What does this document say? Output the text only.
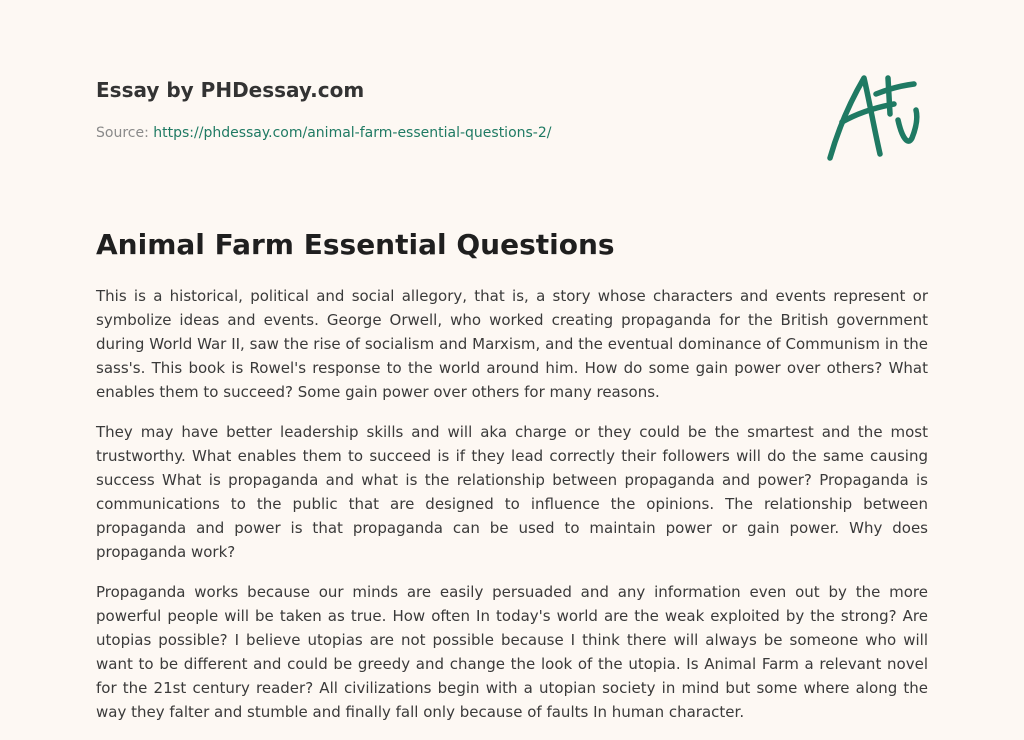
Essay by PHDessay.com
Source: https://phdessay.com/animal-farm-essential-questions-2/
Animal Farm Essential Questions

This is a historical, political and social allegory, that is, a story whose characters and events represent or symbolize ideas and events. George Orwell, who worked creating propaganda for the British government during World War II, saw the rise of socialism and Marxism, and the eventual dominance of Communism in the sass's. This book is Rowel's response to the world around him. How do some gain power over others? What enables them to succeed? Some gain power over others for many reasons.

They may have better leadership skills and will aka charge or they could be the smartest and the most trustworthy. What enables them to succeed is if they lead correctly their followers will do the same causing success What is propaganda and what is the relationship between propaganda and power? Propaganda is communications to the public that are designed to influence the opinions. The relationship between propaganda and power is that propaganda can be used to maintain power or gain power. Why does propaganda work?

Propaganda works because our minds are easily persuaded and any information even out by the more powerful people will be taken as true. How often In today's world are the weak exploited by the strong? Are utopias possible? I believe utopias are not possible because I think there will always be someone who will want to be different and could be greedy and change the look of the utopia. Is Animal Farm a relevant novel for the 21st century reader? All civilizations begin with a utopian society in mind but some where along the way they falter and stumble and finally fall only because of faults In human character.
